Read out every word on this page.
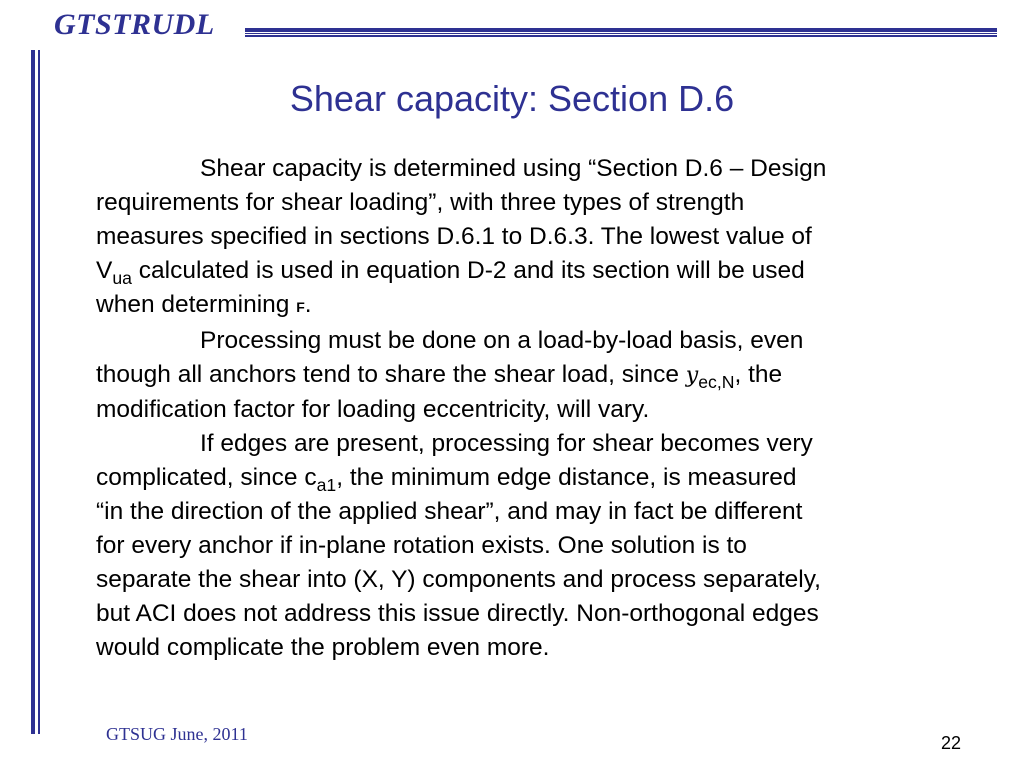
GTSTRUDL
Shear capacity: Section D.6
Shear capacity is determined using “Section D.6 – Design
requirements for shear loading”, with three types of strength
measures specified in sections D.6.1 to D.6.3. The lowest value of
$V_{ua}$ calculated is used in equation D-2 and its section will be used
when determining F.
Processing must be done on a load-by-load basis, even
though all anchors tend to share the shear load, since $y_{ec,N}$, the
modification factor for loading eccentricity, will vary.
If edges are present, processing for shear becomes very
complicated, since $c_{a1}$, the minimum edge distance, is measured
“in the direction of the applied shear”, and may in fact be different
for every anchor if in-plane rotation exists. One solution is to
separate the shear into (X, Y) components and process separately,
but ACI does not address this issue directly. Non-orthogonal edges
would complicate the problem even more.
GTSUG June, 2011	22
